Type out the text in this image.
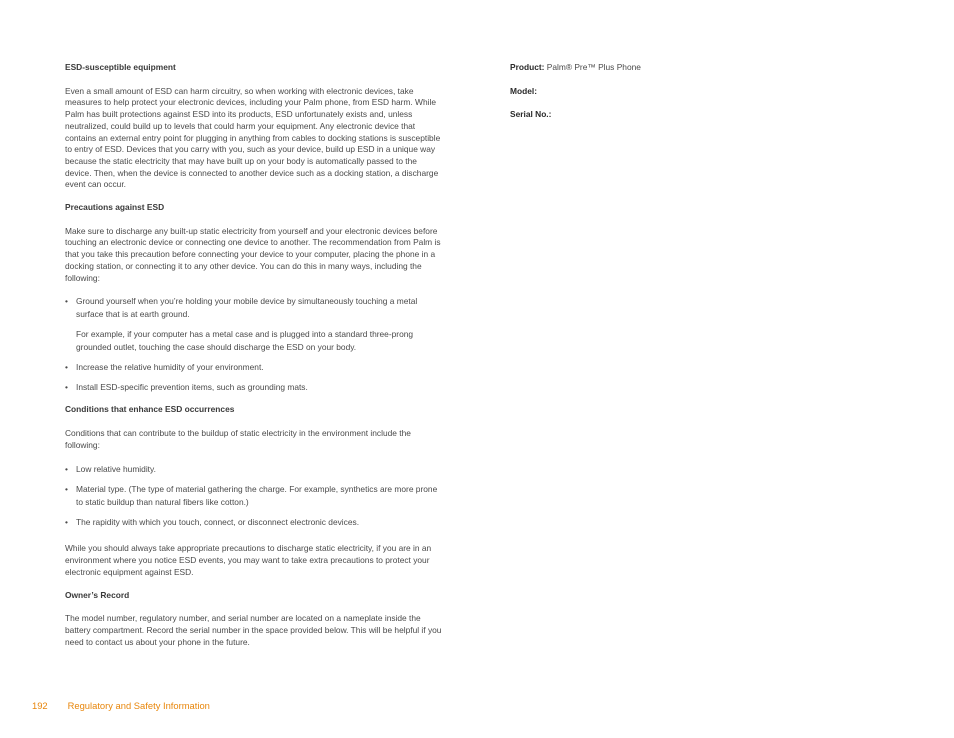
ESD-susceptible equipment

Even a small amount of ESD can harm circuitry, so when working with electronic devices, take measures to help protect your electronic devices, including your Palm phone, from ESD harm. While Palm has built protections against ESD into its products, ESD unfortunately exists and, unless neutralized, could build up to levels that could harm your equipment. Any electronic device that contains an external entry point for plugging in anything from cables to docking stations is susceptible to entry of ESD. Devices that you carry with you, such as your device, build up ESD in a unique way because the static electricity that may have built up on your body is automatically passed to the device. Then, when the device is connected to another device such as a docking station, a discharge event can occur.

Precautions against ESD

Make sure to discharge any built-up static electricity from yourself and your electronic devices before touching an electronic device or connecting one device to another. The recommendation from Palm is that you take this precaution before connecting your device to your computer, placing the phone in a docking station, or connecting it to any other device. You can do this in many ways, including the following:

• Ground yourself when you’re holding your mobile device by simultaneously touching a metal surface that is at earth ground.
For example, if your computer has a metal case and is plugged into a standard three-prong grounded outlet, touching the case should discharge the ESD on your body.
• Increase the relative humidity of your environment.
• Install ESD-specific prevention items, such as grounding mats.
Conditions that enhance ESD occurrences

Conditions that can contribute to the buildup of static electricity in the environment include the following:

• Low relative humidity.
• Material type. (The type of material gathering the charge. For example, synthetics are more prone to static buildup than natural fibers like cotton.)
• The rapidity with which you touch, connect, or disconnect electronic devices.

While you should always take appropriate precautions to discharge static electricity, if you are in an environment where you notice ESD events, you may want to take extra precautions to protect your electronic equipment against ESD.

Owner’s Record

The model number, regulatory number, and serial number are located on a nameplate inside the battery compartment. Record the serial number in the space provided below. This will be helpful if you need to contact us about your phone in the future.

Product: Palm® Pre™ Plus Phone
Model:
Serial No.:
192 Regulatory and Safety Information
